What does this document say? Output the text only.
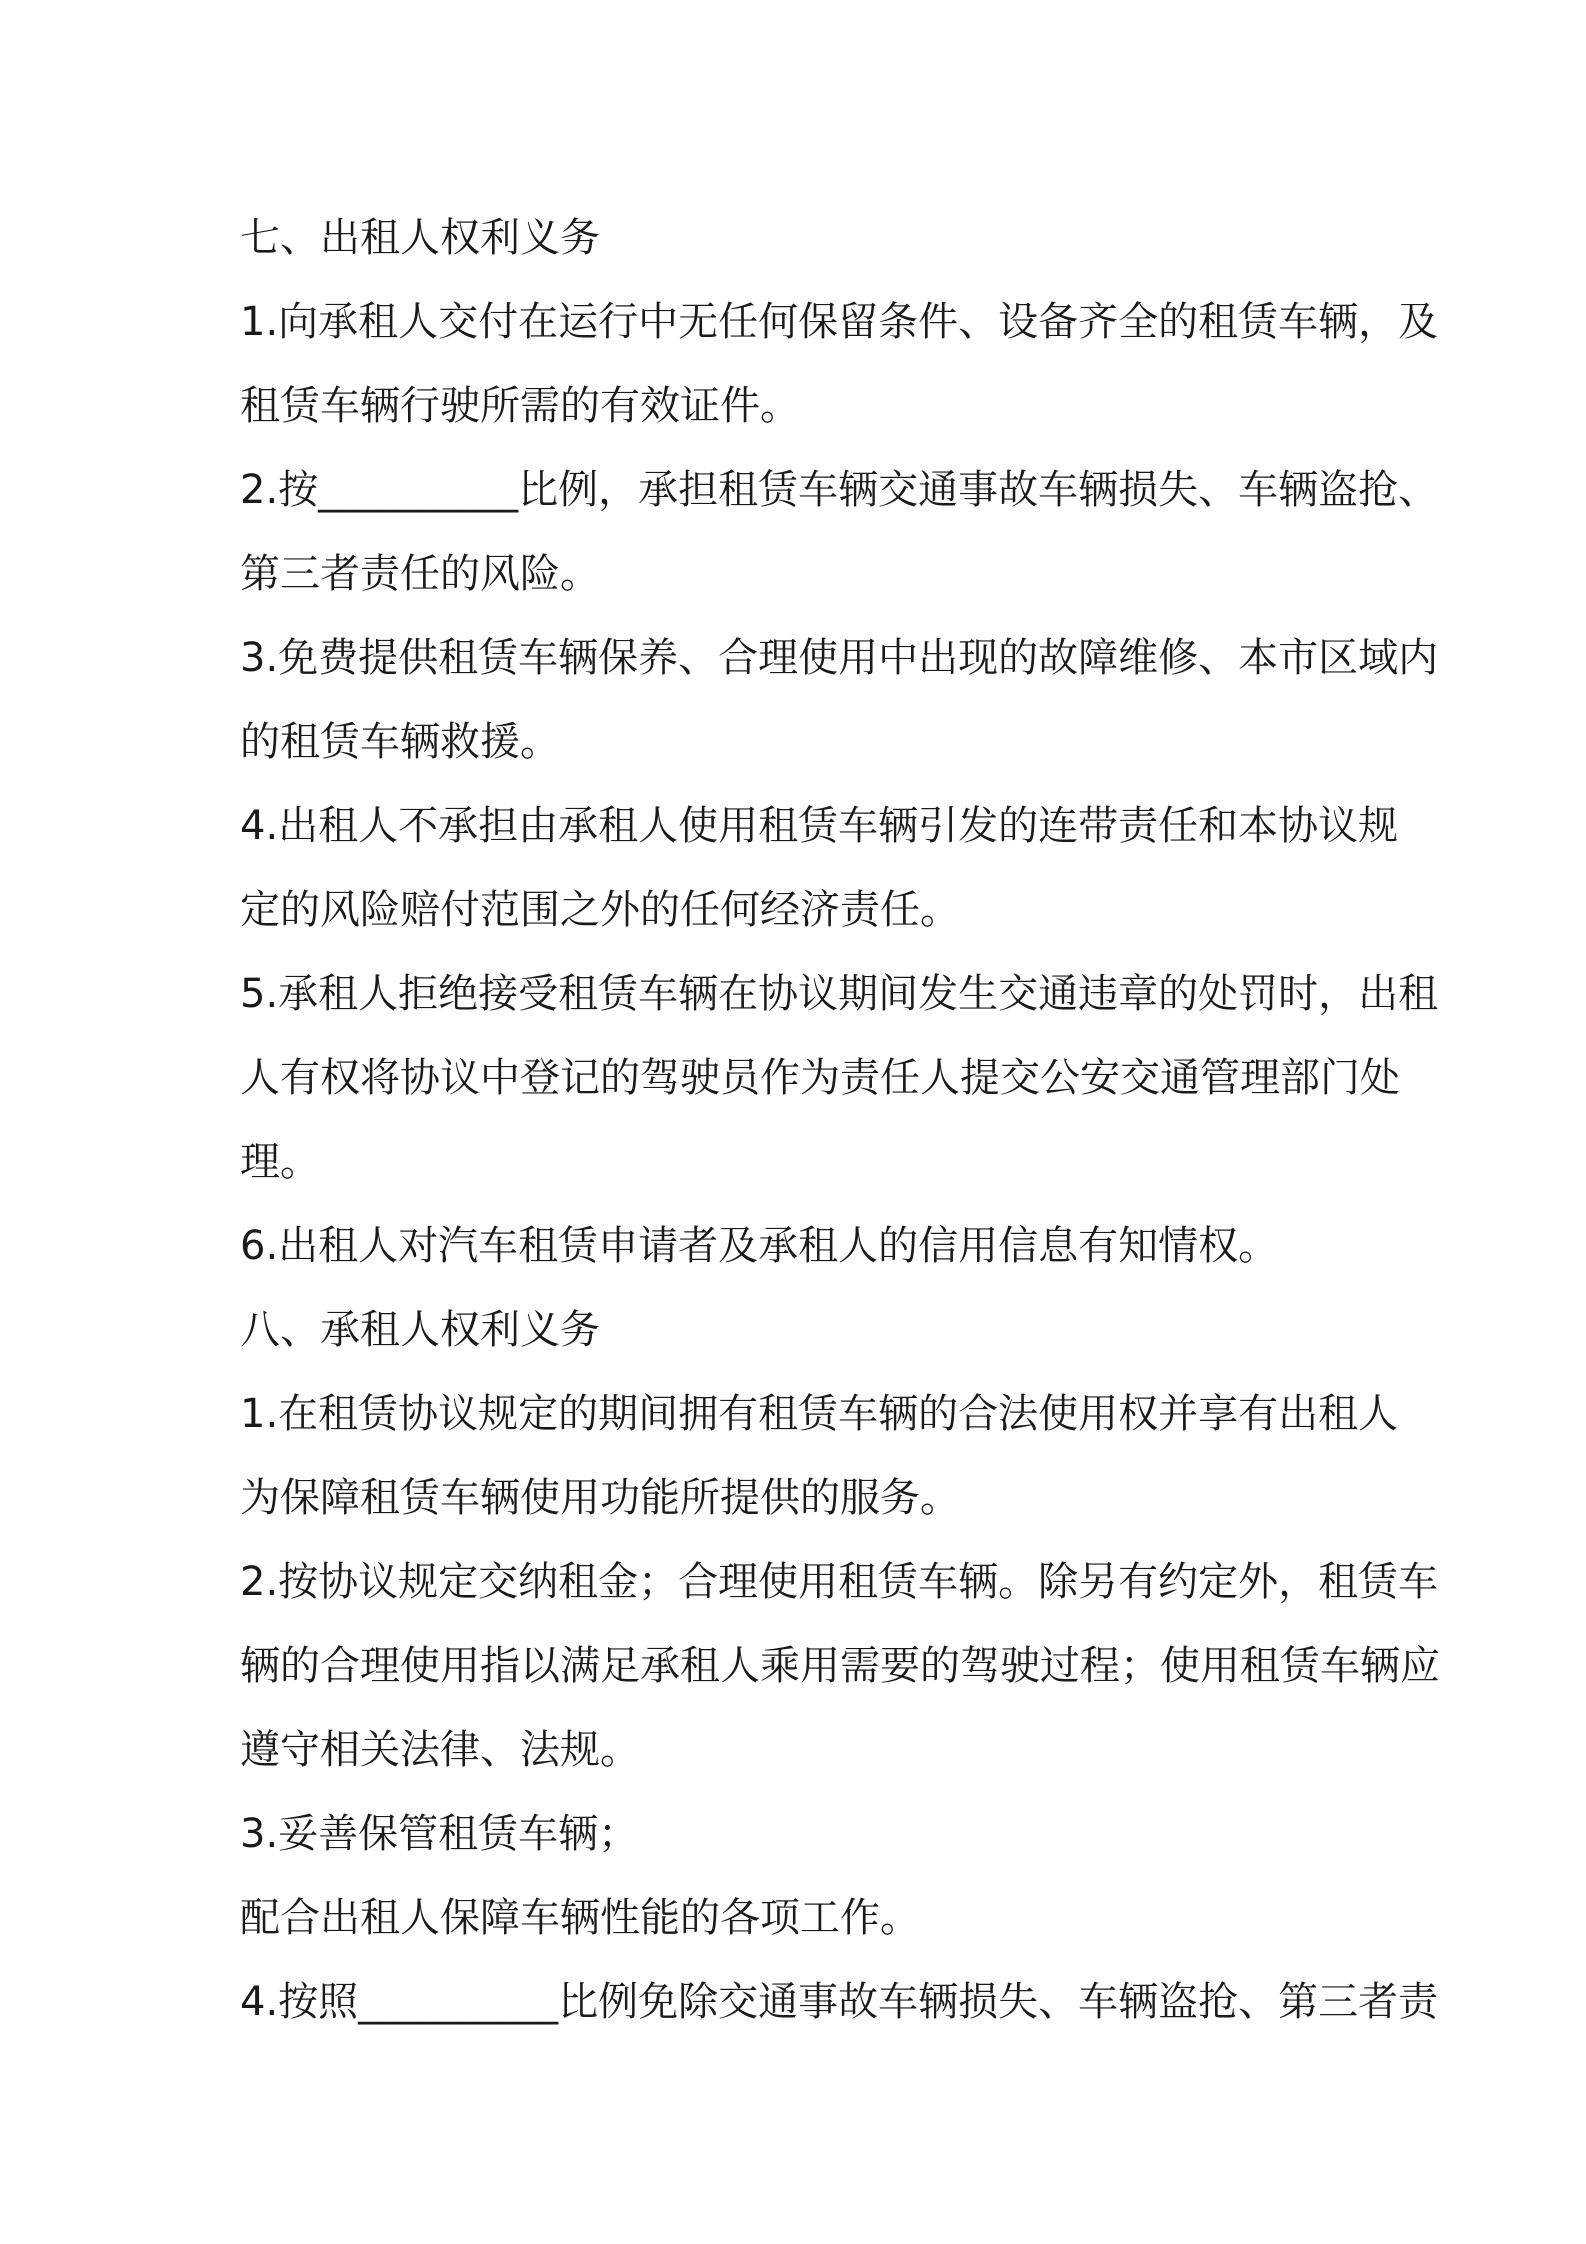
七、出租人权利义务
1.向承租人交付在运行中无任何保留条件、设备齐全的租赁车辆，及
租赁车辆行驶所需的有效证件。
2.按__________比例，承担租赁车辆交通事故车辆损失、车辆盗抢、
第三者责任的风险。
3.免费提供租赁车辆保养、合理使用中出现的故障维修、本市区域内
的租赁车辆救援。
4.出租人不承担由承租人使用租赁车辆引发的连带责任和本协议规
定的风险赔付范围之外的任何经济责任。
5.承租人拒绝接受租赁车辆在协议期间发生交通违章的处罚时，出租
人有权将协议中登记的驾驶员作为责任人提交公安交通管理部门处
理。
6.出租人对汽车租赁申请者及承租人的信用信息有知情权。
八、承租人权利义务
1.在租赁协议规定的期间拥有租赁车辆的合法使用权并享有出租人
为保障租赁车辆使用功能所提供的服务。
2.按协议规定交纳租金；合理使用租赁车辆。除另有约定外，租赁车
辆的合理使用指以满足承租人乘用需要的驾驶过程；使用租赁车辆应
遵守相关法律、法规。
3.妥善保管租赁车辆；
配合出租人保障车辆性能的各项工作。
4.按照__________比例免除交通事故车辆损失、车辆盗抢、第三者责
